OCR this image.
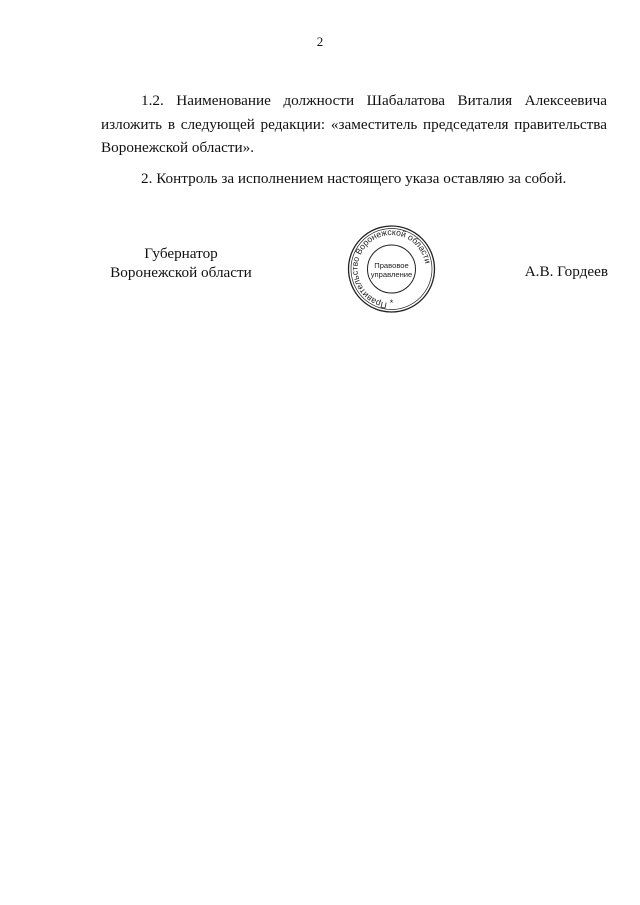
2

1.2. Наименование должности Шабалатова Виталия Алексеевича изложить в следующей редакции: «заместитель председателя правительства Воронежской области».

2. Контроль за исполнением настоящего указа оставляю за собой.

Губернатор
Воронежской области
Правительство Воронежской области
Правовое
управление
*
А.В. Гордеев
